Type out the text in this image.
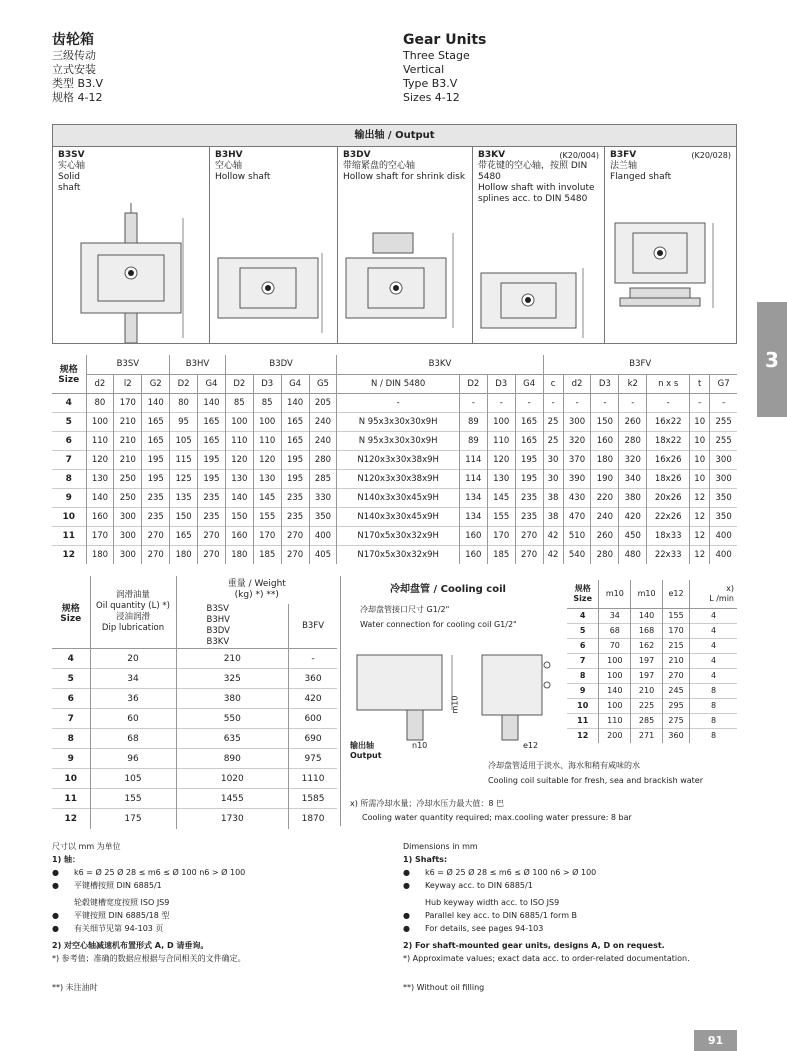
齿轮箱
三级传动
立式安装
类型 B3.V
规格 4-12
Gear Units
Three Stage
Vertical
Type B3.V
Sizes 4-12
3
输出轴 / Output
B3SV
实心轴
Solid
shaft
B3HV
空心轴
Hollow shaft
B3DV
带缩紧盘的空心轴
Hollow shaft for shrink disk
B3KV	(K20/004)
带花键的空心轴，按照 DIN 5480
Hollow shaft with involute splines acc. to DIN 5480
B3FV	(K20/028)
法兰轴
Flanged shaft
规格
Size	B3SV			B3HV		B3DV				B3KV				B3FV						
	d2	l2	G2	D2	G4	D2	D3	G4	G5	N / DIN 5480	D2	D3	G4	c	d2	D3	k2	n x s	t	G7
4	80	170	140	80	140	85	85	140	205	-	-	-	-	-	-	-	-	-	-	-
5	100	210	165	95	165	100	100	165	240	N 95x3x30x30x9H	89	100	165	25	300	150	260	16x22	10	255
6	110	210	165	105	165	110	110	165	240	N 95x3x30x30x9H	89	110	165	25	320	160	280	18x22	10	255
7	120	210	195	115	195	120	120	195	280	N120x3x30x38x9H	114	120	195	30	370	180	320	16x26	10	300
8	130	250	195	125	195	130	130	195	285	N120x3x30x38x9H	114	130	195	30	390	190	340	18x26	10	300
9	140	250	235	135	235	140	145	235	330	N140x3x30x45x9H	134	145	235	38	430	220	380	20x26	12	350
10	160	300	235	150	235	150	155	235	350	N140x3x30x45x9H	134	155	235	38	470	240	420	22x26	12	350
11	170	300	270	165	270	160	170	270	400	N170x5x30x32x9H	160	170	270	42	510	260	450	18x33	12	400
12	180	300	270	180	270	180	185	270	405	N170x5x30x32x9H	160	185	270	42	540	280	480	22x33	12	400
规格
Size	润滑油量
Oil quantity (L) *)
浸油润滑
Dip lubrication	重量 / Weight
(kg) *) **)	
		B3SV
B3HV
B3DV
B3KV	B3FV
4	20	210	-
5	34	325	360
6	36	380	420
7	60	550	600
8	68	635	690
9	96	890	975
10	105	1020	1110
11	155	1455	1585
12	175	1730	1870
冷却盘管 / Cooling coil
冷却盘管接口尺寸 G1/2"
Water connection for cooling coil G1/2"
m10
输出轴
Output
n10	e12
冷却盘管适用于淡水、海水和稍有咸味的水
Cooling coil suitable for fresh, sea and brackish water
x) 所需冷却水量；冷却水压力最大值：8 巴
Cooling water quantity required; max.cooling water pressure: 8 bar
规格
Size	m10	m10	e12	x)
L /min
4	34	140	155	4
5	68	168	170	4
6	70	162	215	4
7	100	197	210	4
8	100	197	270	4
9	140	210	245	8
10	100	225	295	8
11	110	285	275	8
12	200	271	360	8
尺寸以 mm 为单位
1) 轴：
●	k6 = Ø 25 Ø 28 ≤ m6 ≤ Ø 100 n6 > Ø 100
●	平键槽按照 DIN 6885/1
轮毂键槽宽度按照 ISO JS9
●	平键按照 DIN 6885/18 型
●	有关细节见第 94-103 页
2) 对空心轴减速机布置形式 A, D 请垂询。
*) 参考值；准确的数据应根据与合同相关的文件确定。
**) 未注油时
Dimensions in mm
1) Shafts:
●	k6 = Ø 25 Ø 28 ≤ m6 ≤ Ø 100 n6 > Ø 100
●	Keyway acc. to DIN 6885/1
Hub keyway width acc. to ISO JS9
●	Parallel key acc. to DIN 6885/1 form B
●	For details, see pages 94-103
2) For shaft-mounted gear units, designs A, D on request.
*) Approximate values; exact data acc. to order-related documentation.
**) Without oil filling
91
